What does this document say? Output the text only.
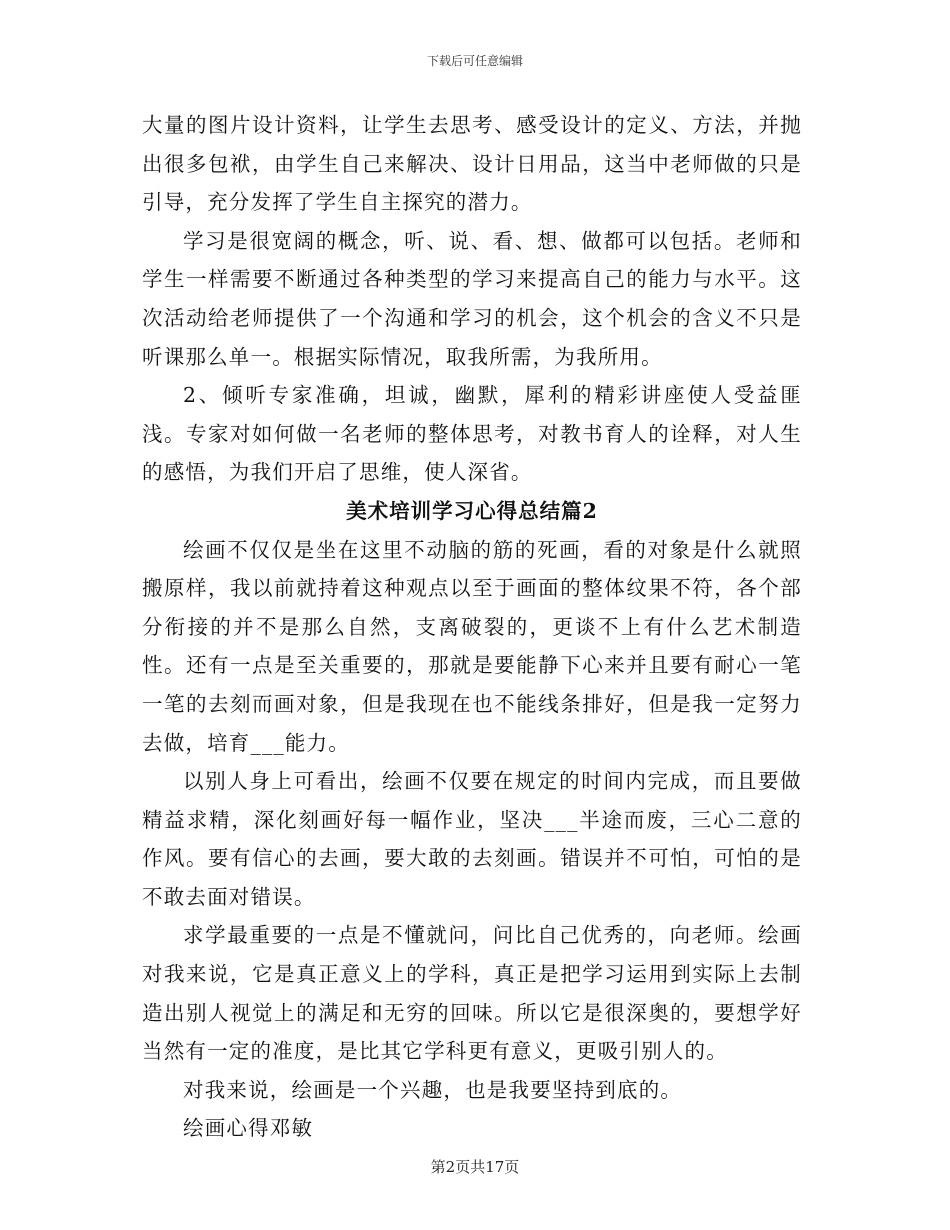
下载后可任意编辑

大量的图片设计资料，让学生去思考、感受设计的定义、方法，并抛出很多包袱，由学生自己来解决、设计日用品，这当中老师做的只是引导，充分发挥了学生自主探究的潜力。

学习是很宽阔的概念，听、说、看、想、做都可以包括。老师和学生一样需要不断通过各种类型的学习来提高自己的能力与水平。这次活动给老师提供了一个沟通和学习的机会，这个机会的含义不只是听课那么单一。根据实际情况，取我所需，为我所用。

2、倾听专家准确，坦诚，幽默，犀利的精彩讲座使人受益匪浅。专家对如何做一名老师的整体思考，对教书育人的诠释，对人生的感悟，为我们开启了思维，使人深省。

美术培训学习心得总结篇2

绘画不仅仅是坐在这里不动脑的筋的死画，看的对象是什么就照搬原样，我以前就持着这种观点以至于画面的整体纹果不符，各个部分衔接的并不是那么自然，支离破裂的，更谈不上有什么艺术制造性。还有一点是至关重要的，那就是要能静下心来并且要有耐心一笔一笔的去刻而画对象，但是我现在也不能线条排好，但是我一定努力去做，培育___能力。

以别人身上可看出，绘画不仅要在规定的时间内完成，而且要做精益求精，深化刻画好每一幅作业，坚决___半途而废，三心二意的作风。要有信心的去画，要大敢的去刻画。错误并不可怕，可怕的是不敢去面对错误。

求学最重要的一点是不懂就问，问比自己优秀的，向老师。绘画对我来说，它是真正意义上的学科，真正是把学习运用到实际上去制造出别人视觉上的满足和无穷的回味。所以它是很深奥的，要想学好当然有一定的准度，是比其它学科更有意义，更吸引别人的。

对我来说，绘画是一个兴趣，也是我要坚持到底的。

绘画心得邓敏

第2页共17页
